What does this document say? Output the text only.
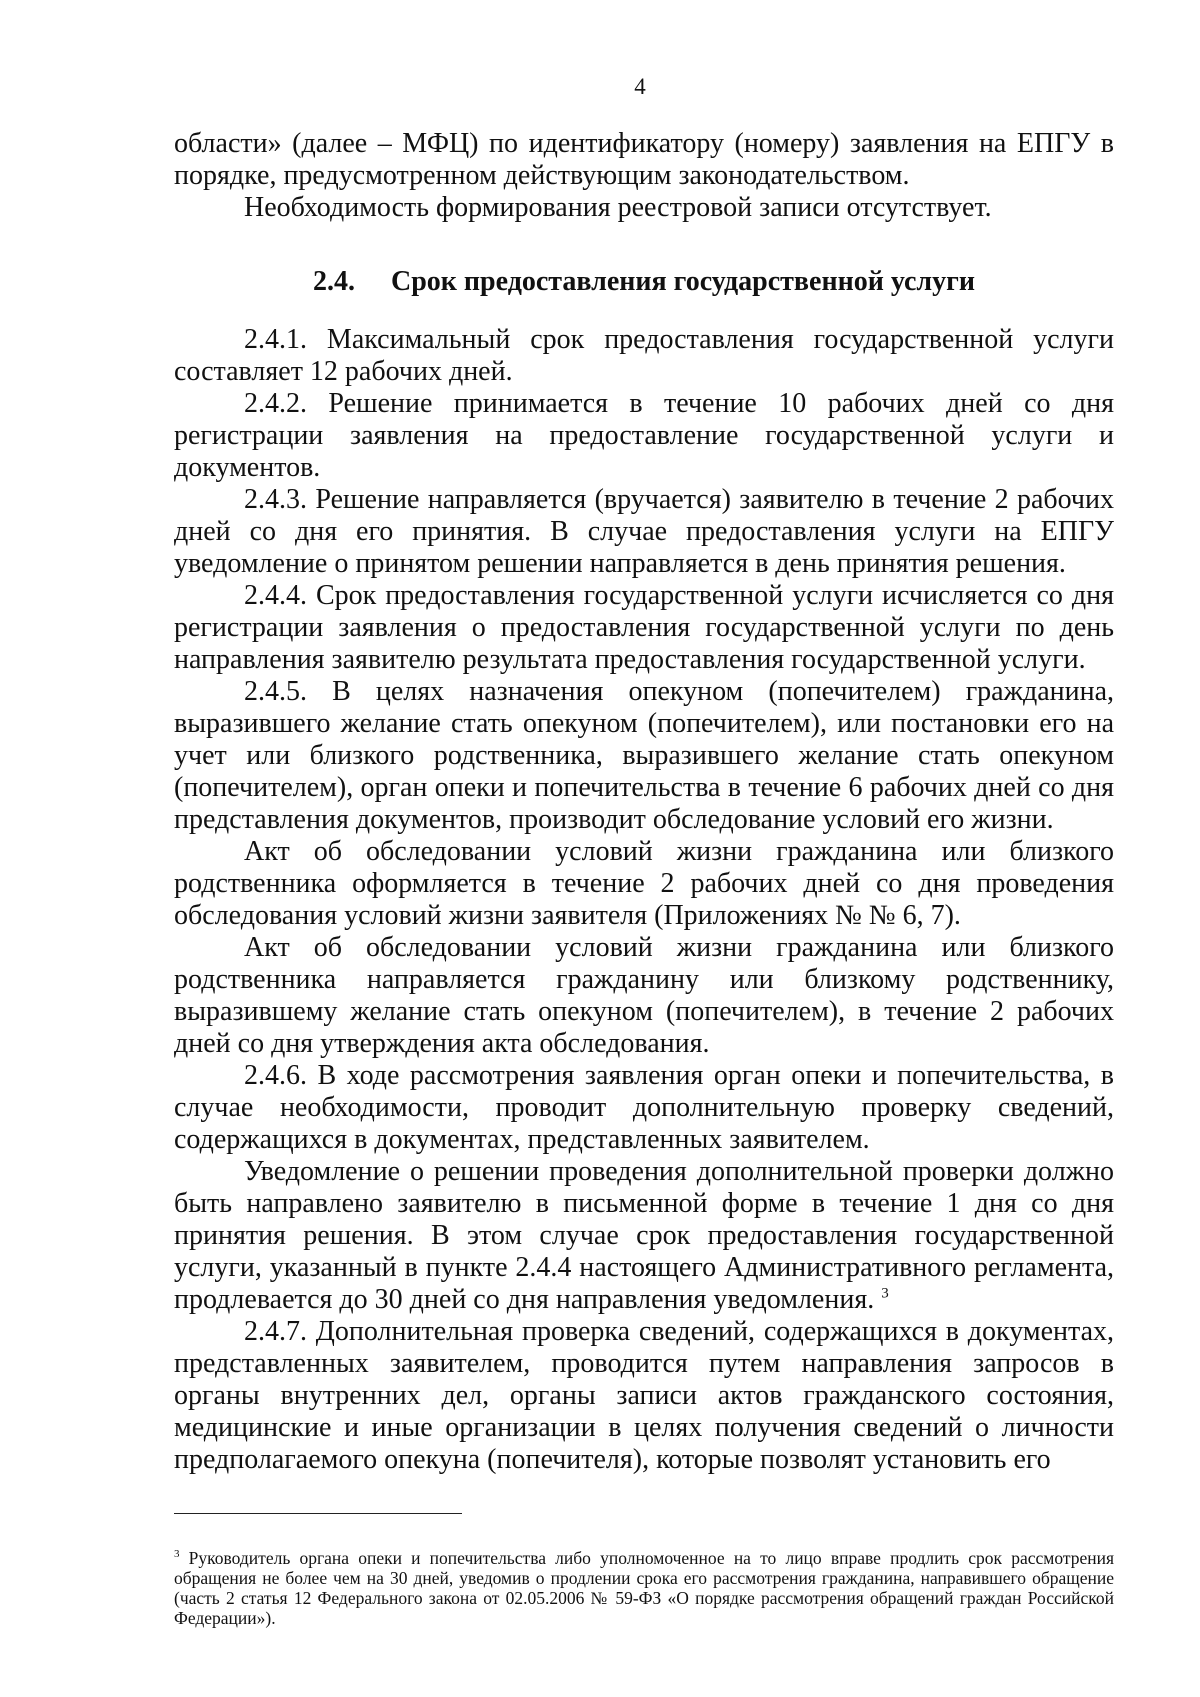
4

области» (далее – МФЦ) по идентификатору (номеру) заявления на ЕПГУ в порядке, предусмотренном действующим законодательством.

Необходимость формирования реестровой записи отсутствует.

2.4. Срок предоставления государственной услуги

2.4.1. Максимальный срок предоставления государственной услуги составляет 12 рабочих дней.

2.4.2. Решение принимается в течение 10 рабочих дней со дня регистрации заявления на предоставление государственной услуги и документов.

2.4.3. Решение направляется (вручается) заявителю в течение 2 рабочих дней со дня его принятия. В случае предоставления услуги на ЕПГУ уведомление о принятом решении направляется в день принятия решения.

2.4.4. Срок предоставления государственной услуги исчисляется со дня регистрации заявления о предоставления государственной услуги по день направления заявителю результата предоставления государственной услуги.

2.4.5. В целях назначения опекуном (попечителем) гражданина, выразившего желание стать опекуном (попечителем), или постановки его на учет или близкого родственника, выразившего желание стать опекуном (попечителем), орган опеки и попечительства в течение 6 рабочих дней со дня представления документов, производит обследование условий его жизни.

Акт об обследовании условий жизни гражданина или близкого родственника оформляется в течение 2 рабочих дней со дня проведения обследования условий жизни заявителя (Приложениях № № 6, 7).

Акт об обследовании условий жизни гражданина или близкого родственника направляется гражданину или близкому родственнику, выразившему желание стать опекуном (попечителем), в течение 2 рабочих дней со дня утверждения акта обследования.

2.4.6. В ходе рассмотрения заявления орган опеки и попечительства, в случае необходимости, проводит дополнительную проверку сведений, содержащихся в документах, представленных заявителем.

Уведомление о решении проведения дополнительной проверки должно быть направлено заявителю в письменной форме в течение 1 дня со дня принятия решения. В этом случае срок предоставления государственной услуги, указанный в пункте 2.4.4 настоящего Административного регламента, продлевается до 30 дней со дня направления уведомления. $^3$

2.4.7. Дополнительная проверка сведений, содержащихся в документах, представленных заявителем, проводится путем направления запросов в органы внутренних дел, органы записи актов гражданского состояния, медицинские и иные организации в целях получения сведений о личности предполагаемого опекуна (попечителя), которые позволят установить его

$^3$ Руководитель органа опеки и попечительства либо уполномоченное на то лицо вправе продлить срок рассмотрения обращения не более чем на 30 дней, уведомив о продлении срока его рассмотрения гражданина, направившего обращение (часть 2 статья 12 Федерального закона от 02.05.2006 № 59-ФЗ «О порядке рассмотрения обращений граждан Российской Федерации»).
